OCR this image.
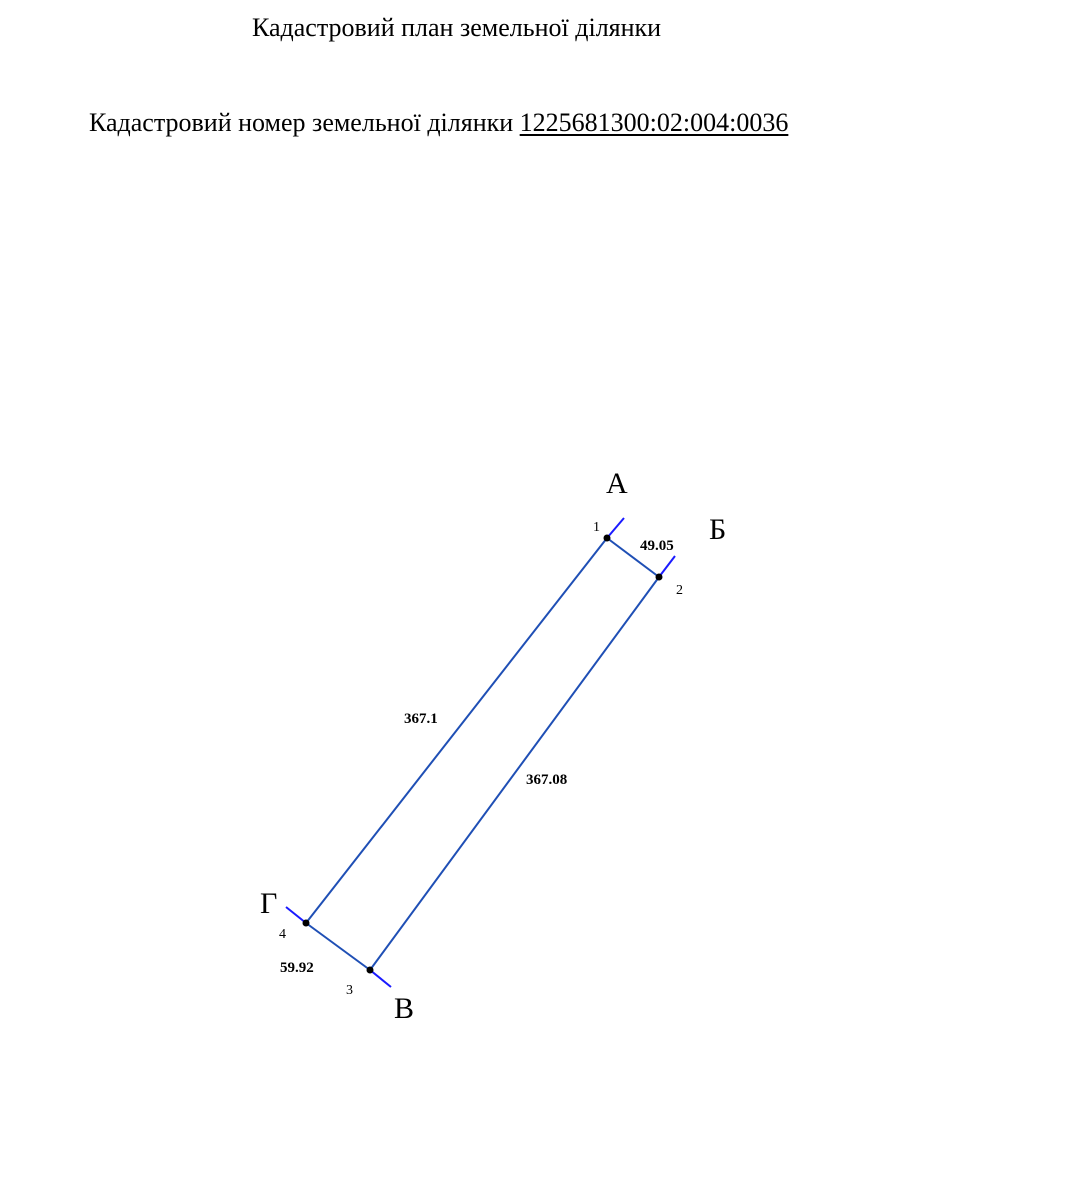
Кадастровий план земельної ділянки
Кадастровий номер земельної ділянки 1225681300:02:004:0036
А
Б
В
Г
1
2
3
4
49.05
367.1
367.08
59.92
